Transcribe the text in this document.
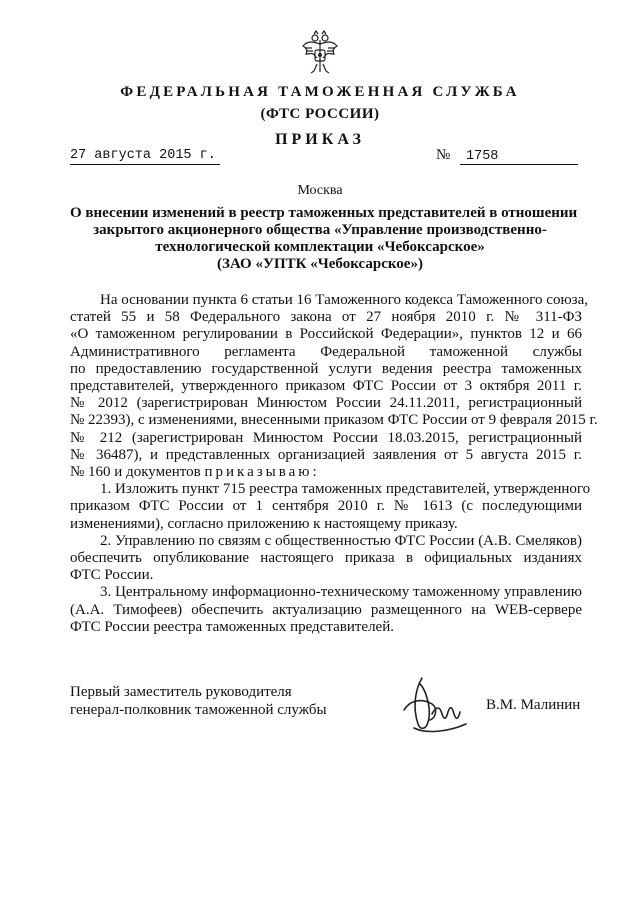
ФЕДЕРАЛЬНАЯ ТАМОЖЕННАЯ СЛУЖБА
(ФТС РОССИИ)
ПРИКАЗ
27 августа 2015 г.	№ 1758
Москва
О внесении изменений в реестр таможенных представителей в отношении
закрытого акционерного общества «Управление производственно-
технологической комплектации «Чебоксарское»
(ЗАО «УПТК «Чебоксарское»)

На основании пункта 6 статьи 16 Таможенного кодекса Таможенного союза,
статей 55 и 58 Федерального закона от 27 ноября 2010 г. № 311-ФЗ
«О таможенном регулировании в Российской Федерации», пунктов 12 и 66
Административного регламента Федеральной таможенной службы
по предоставлению государственной услуги ведения реестра таможенных
представителей, утвержденного приказом ФТС России от 3 октября 2011 г.
№ 2012 (зарегистрирован Минюстом России 24.11.2011, регистрационный
№ 22393), с изменениями, внесенными приказом ФТС России от 9 февраля 2015 г.
№ 212 (зарегистрирован Минюстом России 18.03.2015, регистрационный
№ 36487), и представленных организацией заявления от 5 августа 2015 г.
№ 160 и документов приказываю:

1. Изложить пункт 715 реестра таможенных представителей, утвержденного
приказом ФТС России от 1 сентября 2010 г. № 1613 (с последующими
изменениями), согласно приложению к настоящему приказу.

2. Управлению по связям с общественностью ФТС России (А.В. Смеляков)
обеспечить опубликование настоящего приказа в официальных изданиях
ФТС России.

3. Центральному информационно-техническому таможенному управлению
(А.А. Тимофеев) обеспечить актуализацию размещенного на WEB-сервере
ФТС России реестра таможенных представителей.

Первый заместитель руководителя
генерал-полковник таможенной службы	В.М. Малинин
